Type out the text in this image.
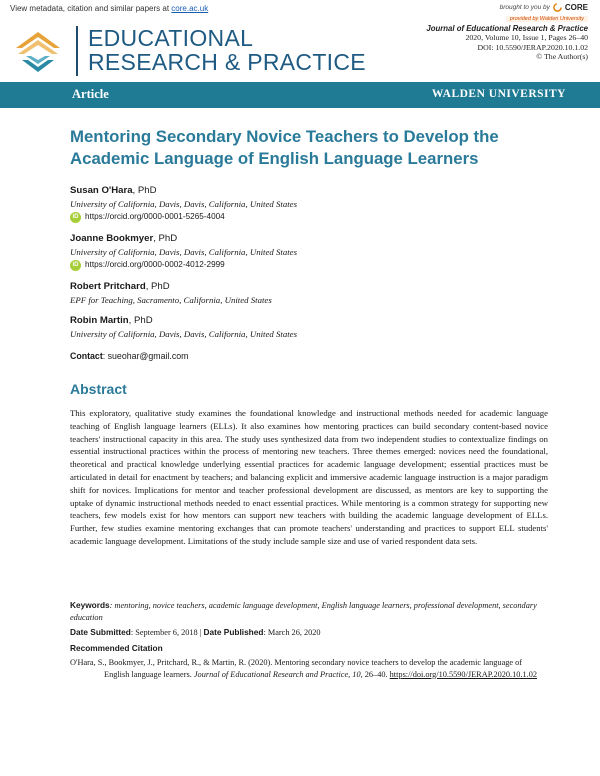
View metadata, citation and similar papers at core.ac.uk	brought to you by CORE
provided by Walden University
EDUCATIONAL
RESEARCH & PRACTICE
Journal of Educational Research & Practice
2020, Volume 10, Issue 1, Pages 26–40
DOI: 10.5590/JERAP.2020.10.1.02
© The Author(s)
Article	WALDEN UNIVERSITY
Mentoring Secondary Novice Teachers to Develop the Academic Language of English Language Learners
Susan O'Hara, PhD
University of California, Davis, Davis, California, United States
iD https://orcid.org/0000-0001-5265-4004
Joanne Bookmyer, PhD
University of California, Davis, Davis, California, United States
iD https://orcid.org/0000-0002-4012-2999
Robert Pritchard, PhD
EPF for Teaching, Sacramento, California, United States
Robin Martin, PhD
University of California, Davis, Davis, California, United States
Contact: sueohar@gmail.com
Abstract
This exploratory, qualitative study examines the foundational knowledge and instructional methods needed for academic language teaching of English language learners (ELLs). It also examines how mentoring practices can build secondary content-based novice teachers' instructional capacity in this area. The study uses synthesized data from two independent studies to contextualize findings on essential instructional practices within the process of mentoring new teachers. Three themes emerged: novices need the foundational, theoretical and practical knowledge underlying essential practices for academic language development; essential practices must be articulated in detail for enactment by teachers; and balancing explicit and immersive academic language instruction is a major paradigm shift for novices. Implications for mentor and teacher professional development are discussed, as mentors are key to supporting the uptake of dynamic instructional methods needed to enact essential practices. While mentoring is a common strategy for supporting new teachers, few models exist for how mentors can support new teachers with building the academic language development of ELLs. Further, few studies examine mentoring exchanges that can promote teachers' understanding and practices to support ELL students' academic language development. Limitations of the study include sample size and use of varied respondent data sets.
Keywords: mentoring, novice teachers, academic language development, English language learners, professional development, secondary education
Date Submitted: September 6, 2018 | Date Published: March 26, 2020
Recommended Citation
O'Hara, S., Bookmyer, J., Pritchard, R., & Martin, R. (2020). Mentoring secondary novice teachers to develop the academic language of English language learners. Journal of Educational Research and Practice, 10, 26–40. https://doi.org/10.5590/JERAP.2020.10.1.02
